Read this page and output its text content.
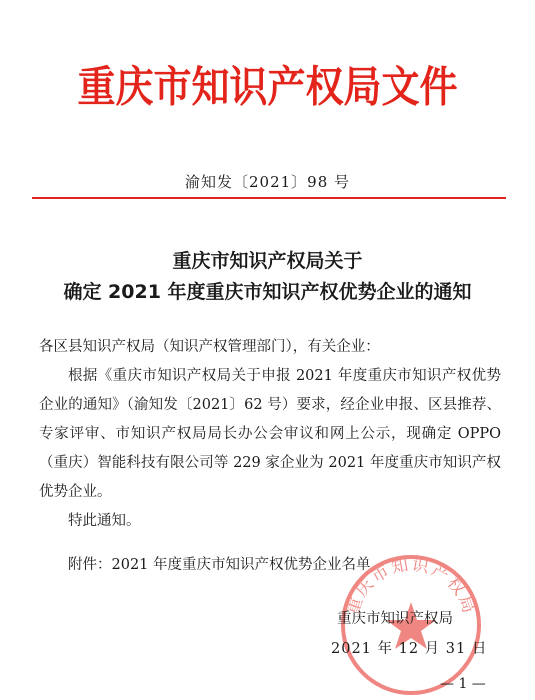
重庆市知识产权局文件
渝知发〔2021〕98 号
重庆市知识产权局关于
确定 2021 年度重庆市知识产权优势企业的通知
各区县知识产权局（知识产权管理部门），有关企业：
根据《重庆市知识产权局关于申报 2021 年度重庆市知识产权优势企业的通知》（渝知发〔2021〕62 号）要求，经企业申报、区县推荐、专家评审、市知识产权局局长办公会审议和网上公示，现确定 OPPO（重庆）智能科技有限公司等 229 家企业为 2021 年度重庆市知识产权优势企业。
特此通知。
附件：2021 年度重庆市知识产权优势企业名单
重庆市知识产权局
重庆市知识产权局
2021 年 12 月 31 日
— 1 —
